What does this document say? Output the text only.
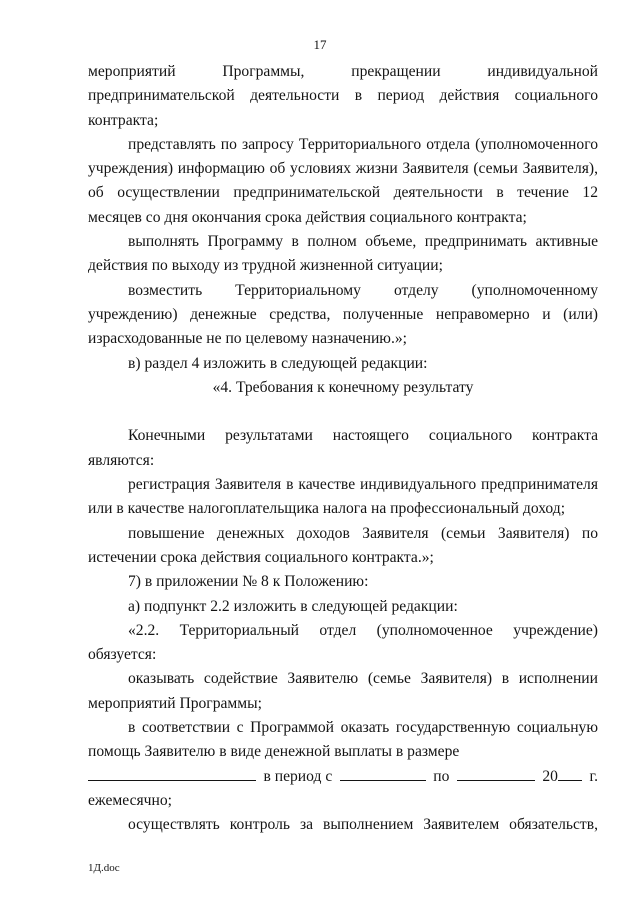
17

мероприятий Программы, прекращении индивидуальной предпринимательской деятельности в период действия социального контракта;

представлять по запросу Территориального отдела (уполномоченного учреждения) информацию об условиях жизни Заявителя (семьи Заявителя), об осуществлении предпринимательской деятельности в течение 12 месяцев со дня окончания срока действия социального контракта;

выполнять Программу в полном объеме, предпринимать активные действия по выходу из трудной жизненной ситуации;

возместить Территориальному отделу (уполномоченному учреждению) денежные средства, полученные неправомерно и (или) израсходованные не по целевому назначению.»;

в) раздел 4 изложить в следующей редакции:

«4. Требования к конечному результату

Конечными результатами настоящего социального контракта являются:

регистрация Заявителя в качестве индивидуального предпринимателя или в качестве налогоплательщика налога на профессиональный доход;

повышение денежных доходов Заявителя (семьи Заявителя) по истечении срока действия социального контракта.»;

7) в приложении № 8 к Положению:

а) подпункт 2.2 изложить в следующей редакции:

«2.2. Территориальный отдел (уполномоченное учреждение) обязуется:

оказывать содействие Заявителю (семье Заявителя) в исполнении мероприятий Программы;

в соответствии с Программой оказать государственную социальную помощь Заявителю в виде денежной выплаты в размере

в период с	по	20	г.

ежемесячно;

осуществлять контроль за выполнением Заявителем обязательств,

1Д.doc
